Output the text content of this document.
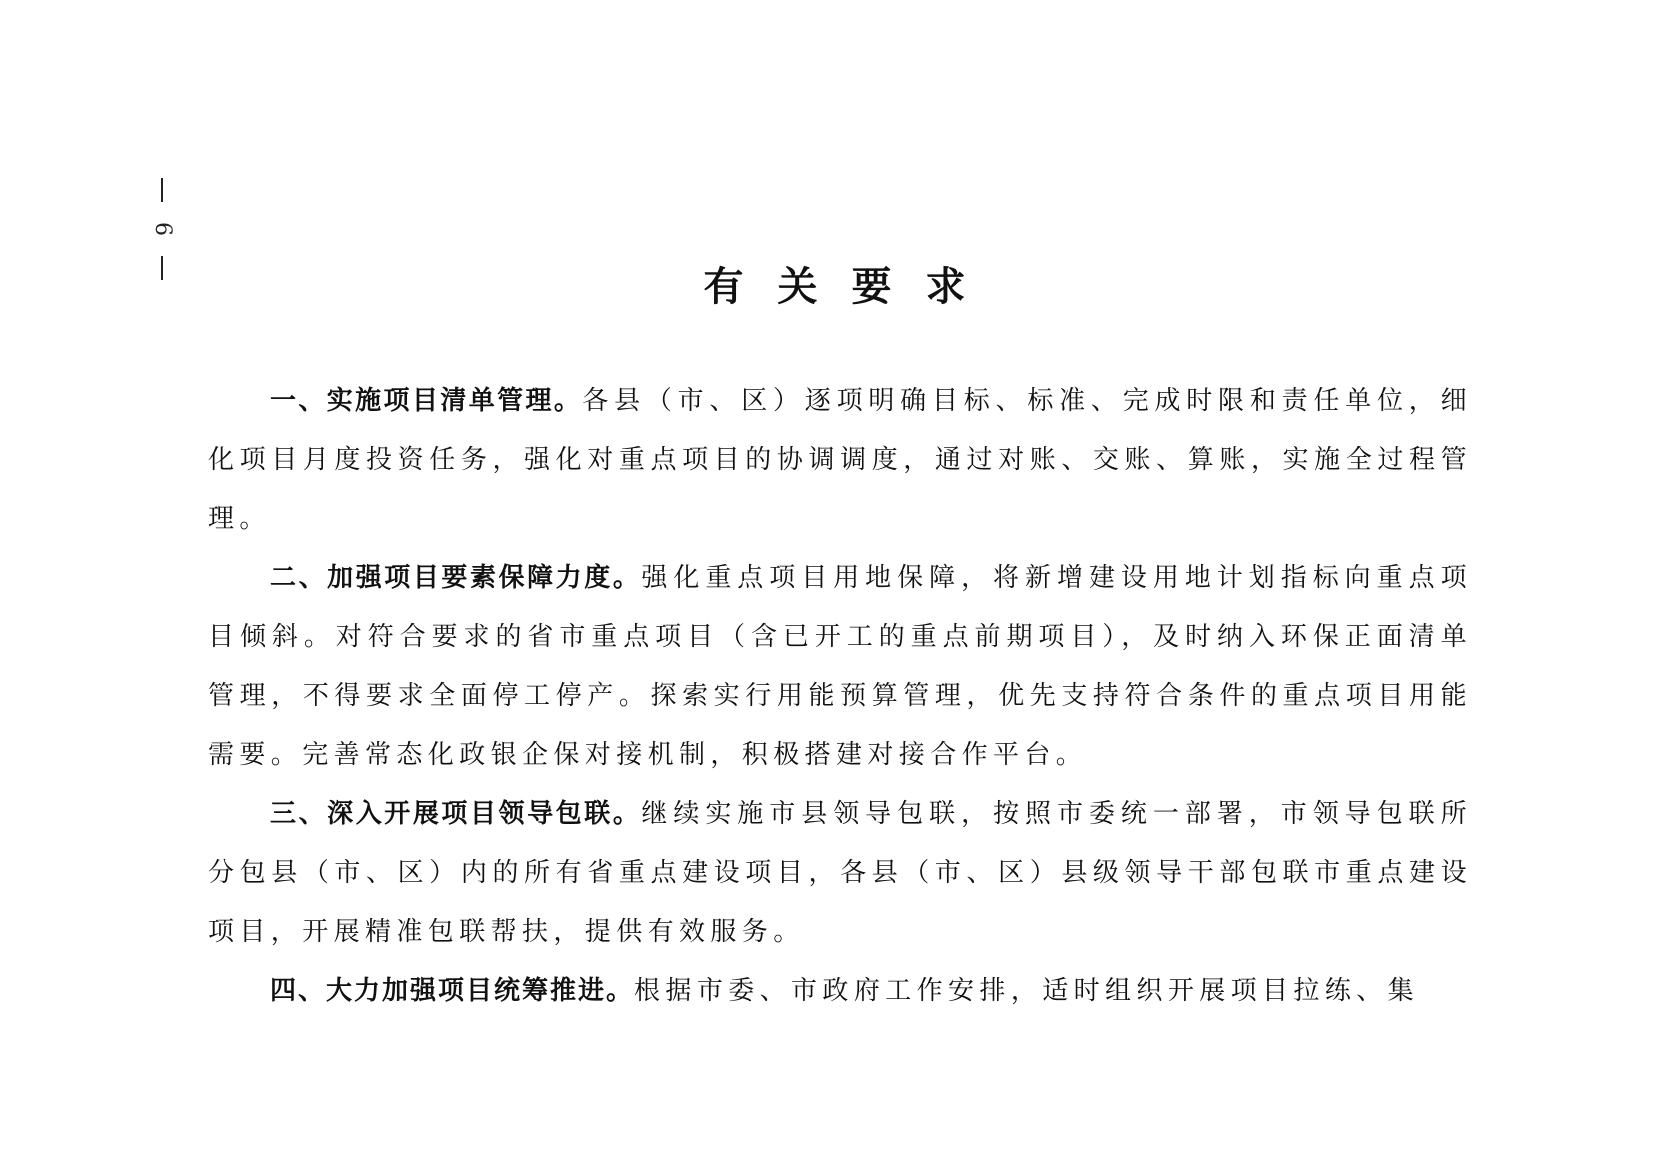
6
有关要求

一、实施项目清单管理。各县（市、区）逐项明确目标、标准、完成时限和责任单位，细化项目月度投资任务，强化对重点项目的协调调度，通过对账、交账、算账，实施全过程管理。

二、加强项目要素保障力度。强化重点项目用地保障，将新增建设用地计划指标向重点项目倾斜。对符合要求的省市重点项目（含已开工的重点前期项目），及时纳入环保正面清单管理，不得要求全面停工停产。探索实行用能预算管理，优先支持符合条件的重点项目用能需要。完善常态化政银企保对接机制，积极搭建对接合作平台。

三、深入开展项目领导包联。继续实施市县领导包联，按照市委统一部署，市领导包联所分包县（市、区）内的所有省重点建设项目，各县（市、区）县级领导干部包联市重点建设项目，开展精准包联帮扶，提供有效服务。

四、大力加强项目统筹推进。根据市委、市政府工作安排，适时组织开展项目拉练、集
